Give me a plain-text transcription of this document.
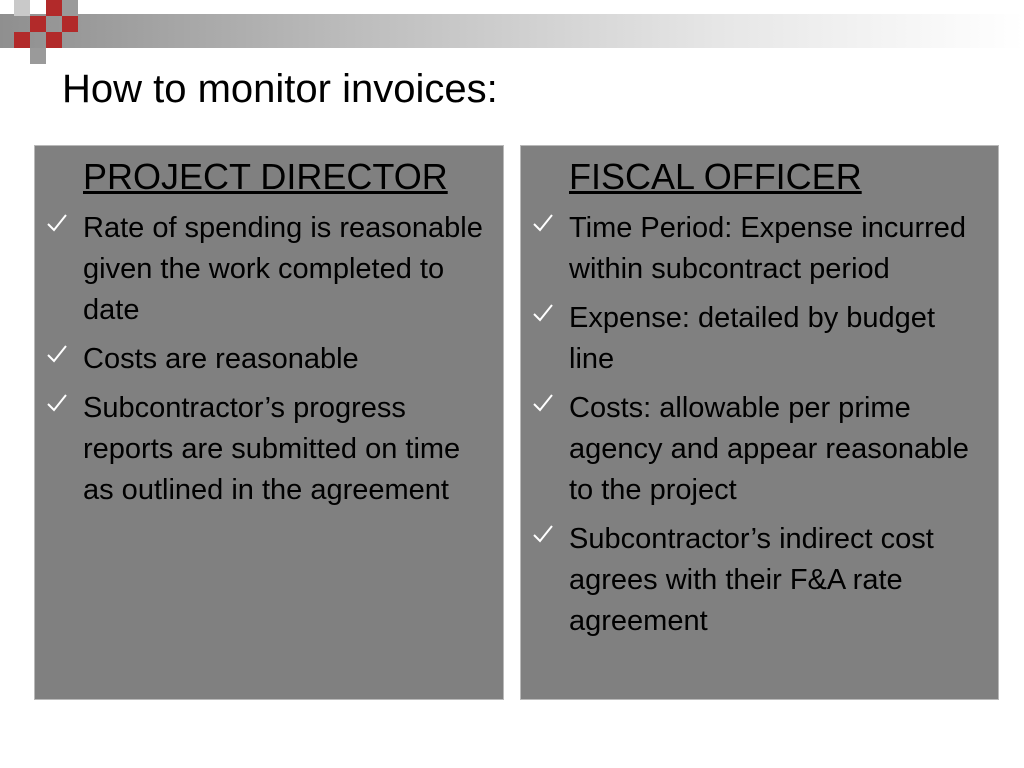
How to monitor invoices:
PROJECT DIRECTOR
Rate of spending is reasonable given the work completed to date
Costs are reasonable
Subcontractor’s progress reports are submitted on time as outlined in the agreement
FISCAL OFFICER
Time Period: Expense incurred within subcontract period
Expense: detailed by budget line
Costs: allowable per prime agency and appear reasonable to the project
Subcontractor’s indirect cost agrees with their F&A rate agreement
